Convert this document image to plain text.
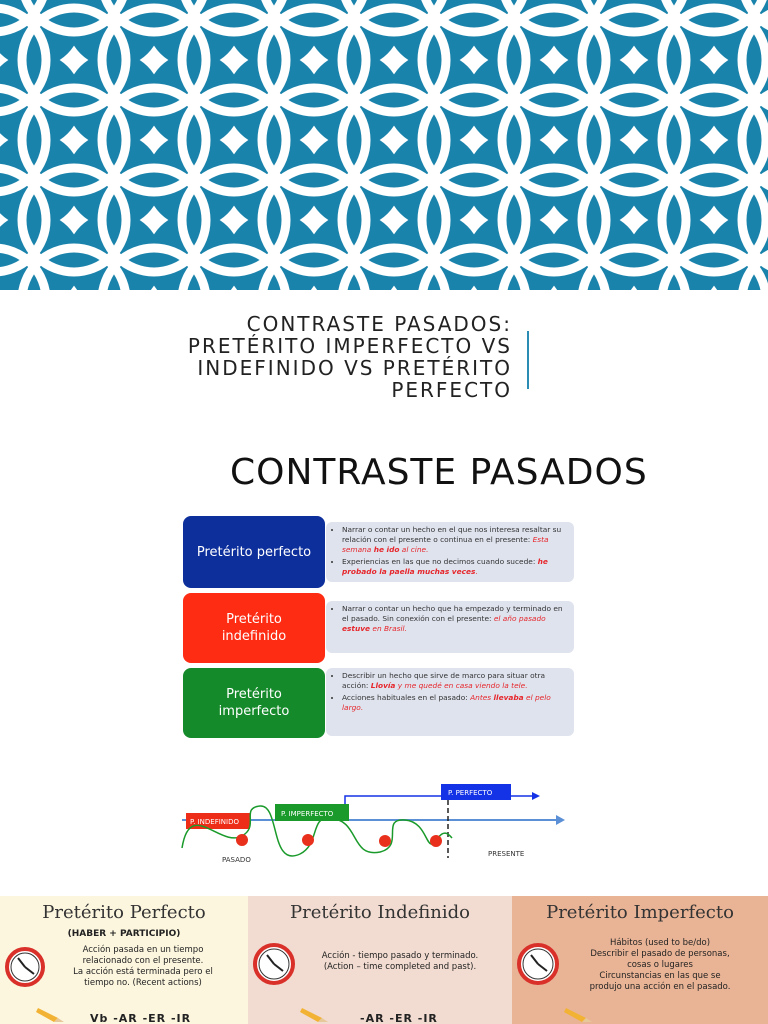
CONTRASTE PASADOS:
PRETÉRITO IMPERFECTO VS
INDEFINIDO VS PRETÉRITO
PERFECTO
CONTRASTE PASADOS
Pretérito perfecto
• Narrar o contar un hecho en el que nos interesa resaltar su relación con el presente o continua en el presente: Esta semana he ido al cine.
• Experiencias en las que no decimos cuando sucede: he probado la paella muchas veces.
Pretérito
indefinido
• Narrar o contar un hecho que ha empezado y terminado en el pasado. Sin conexión con el presente: el año pasado estuve en Brasil.
Pretérito
imperfecto
• Describir un hecho que sirve de marco para situar otra acción: Llovía y me quedé en casa viendo la tele.
• Acciones habituales en el pasado: Antes llevaba el pelo largo.
P. PERFECTO
P. IMPERFECTO
P. INDEFINIDO
PASADO
PRESENTE
Pretérito Perfecto
(HABER + PARTICIPIO)
Acción pasada en un tiempo
relacionado con el presente.
La acción está terminada pero el
tiempo no. (Recent actions)
Vb -AR -ER -IR
Pretérito Indefinido
Acción - tiempo pasado y terminado.
(Action – time completed and past).
-AR -ER -IR
Pretérito Imperfecto
Hábitos (used to be/do)
Describir el pasado de personas,
cosas o lugares
Circunstancias en las que se
produjo una acción en el pasado.
